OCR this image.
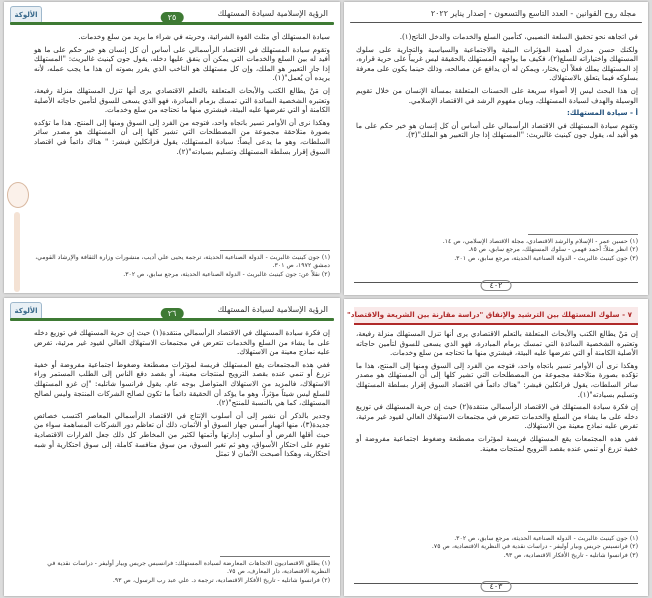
الألوكة	٢٥	الرؤية الإسلامية لسيادة المستهلك

سيادة المستهلك أي مثلث القوة الشرائية، وحريته في شراء ما يريد من سلع وخدمات.

وتقوم سيادة المستهلك في الاقتصاد الرأسمالي على أساس أن كل إنسان هو خير حكم على ما هو أفيد له بين السلع والخدمات التي يمكن أن ينفق عليها دخله، يقول جون كينيث غالبريث: "المستهلك إذا جاز التعبير هو الملك، وإن كل مستهلك هو الناخب الذي يقرر بصوته أن هذا ما يجب عمله، لأنه يريده أن يُعمل"(١).

إن مَنْ يطالع الكتب والأبحاث المتعلقة بالتعلم الاقتصادي يرى أنها تنزل المستهلك منزلة رفيعة، وتعتبره الشخصية السائدة التي تمسك بزمام المبادرة، فهو الذي يسعى للسوق لتأمين حاجاته الأصلية الكامنة أو التي تفرضها عليه البيئة، فيشتري منها ما تحتاجه من سلع وخدمات.

وهكذا نرى أن الأوامر تسير باتجاه واحد، فتوجه من الفرد إلى السوق ومنها إلى المنتج. هذا ما تؤكده بصورة متلاحقة مجموعة من المصطلحات التي تشير كلها إلى أن المستهلك هو مصدر سائر السلطات، وهو ما يدعى أيضاً: سيادة المستهلك، يقول فرانكلين فيشر: " هناك دائماً في اقتصاد السوق إقرار بسلطة المستهلك وتسليم بسيادته"(٢).

(١) جون كينيث غالبريث - الدولة الصناعية الحديثة، ترجمة يحيى علي أديب، منشورات وزارة الثقافة والإرشاد القومي، دمشق ١٩٧٢، ص ٣٠١.
(٢) نقلاً عن: جون كينيث غالبريث - الدولة الصناعية الحديثة، مرجع سابق، ص ٣٠٢.
مجلة روح القوانين - العدد التاسع والتسعون - إصدار يناير ٢٠٢٢

في اتجاهه نحو تحقيق السلعة النصيبي، كتأمين السلع والخدمات والدخل الناتج(١).

ولكنك حسن مدرك أهمية المؤثرات البيئية والاجتماعية والسياسية والتجارية على سلوك المستهلك واختياراته للسلع(٢)، فكيف ما يواجهه المستهلك بالحقيقة ليس غريباً على حرية قراره، إذ المستهلك يملك فعلاً أن يختار، ويمكن له أن يدافع عن مصالحه، وذلك حينما يكون على معرفة بسلوكه فيما يتعلق بالاستهلاك.

إن هذا البحث ليس إلا أضواء سريعة على الحسنات المتعلقة بمسألة الإنسان من خلال تقويم الوسيلة والهدف لسيادة المستهلك، وبيان مفهوم الرشد في الاقتصاد الإسلامي.

أ - سيادة المستهلك:

وتقوم سيادة المستهلك في الاقتصاد الرأسمالي على أساس أن كل إنسان هو خير حكم على ما هو أفيد له، يقول جون كينيث غالبريث: "المستهلك إذا جاز التعبير هو الملك"(٣).

(١) حسين عمر - الإسلام والرشد الاقتصادي، مجلة الاقتصاد الإسلامي، ص ١٤.
(٢) انظر مثلاً: أحمد فهمي - سلوك المستهلك، مرجع سابق، ص ٨٥.
(٣) جون كينيث غالبريث - الدولة الصناعية الحديثة، مرجع سابق، ص ٣٠١.
٤٠٢
الألوكة	٢٦	الرؤية الإسلامية لسيادة المستهلك

إن فكرة سيادة المستهلك في الاقتصاد الرأسمالي منتقدة(١) حيث إن حرية المستهلك في توزيع دخله على ما يشاء من السلع والخدمات تتعرض في مجتمعات الاستهلاك العالي لقيود غير مرئية، تفرض عليه نماذج معينة من الاستهلاك.

ففي هذه المجتمعات يقع المستهلك فريسة لمؤثرات مصطنعة وضغوط اجتماعية مفروضة أو خفية تزرع أو تنمي عنده بقصد الترويج لمنتجات معينة، أو بقصد دفع الناس إلى الطلب المستمر وراء الاستهلاك، فالمزيد من الاستهلاك المتواصل بوجه عام. يقول فرانسوا شاتليه: "إن غزو المستهلك للسلع ليس شيئاً مؤثراً، وهو ما يؤكد أن الحقيقة دائماً ما تكون لصالح الشركات المنتجة وليس لصالح المستهلك، كما هي بالنسبة للمنتج"(٢).

وجدير بالذكر أن نشير إلى أن أسلوب الإنتاج في الاقتصاد الرأسمالي المعاصر اكتسب خصائص جديدة(٣)، منها انهيار أسس جهاز السوق أو الأثمان، ذلك أن تعاظم دور الشركات المساهمة سواء من حيث أقلها الفرض أو أسلوب إدارتها وأتمتها لكثير من المخاطر كل ذلك جعل القرارات الاقتصادية تقوم على احتكار الأسواق، وهو ثم تغير السوق، من سوق منافسة كاملة، إلى سوق احتكارية أو شبه احتكارية، وهكذا أصبحت الأثمان لا تمثل

(١) يطلق الاقتصاديون الاتجاهات المعارضة لسيادة المستهلك: فرانسيس جريس وبيار أوليفر - دراسات نقدية في النظرية الاقتصادية، دار المعارف، ص ٧٥.
(٢) فرانسوا شاتليه - تاريخ الأفكار الاقتصادية، ترجمة د. علي عبد رب الرسول، ص ٩٣.
٧ - سلوك المستهلك بين الترشيد والإنفاق "دراسة مقارنة بين الشريعة والاقتصاد"

إن مَنْ يطالع الكتب والأبحاث المتعلقة بالتعلم الاقتصادي يرى أنها تنزل المستهلك منزلة رفيعة، وتعتبره الشخصية السائدة التي تمسك بزمام المبادرة، فهو الذي يسعى للسوق لتأمين حاجاته الأصلية الكامنة أو التي تفرضها عليه البيئة، فيشتري منها ما تحتاجه من سلع وخدمات.

وهكذا نرى أن الأوامر تسير باتجاه واحد، فتوجه من الفرد إلى السوق ومنها إلى المنتج، هذا ما تؤكده بصورة متلاحقة مجموعة من المصطلحات التي تشير كلها إلى أن المستهلك هو مصدر سائر السلطات، يقول فرانكلين فيشر: "هناك دائماً في اقتصاد السوق إقرار بسلطة المستهلك وتسليم بسيادته"(١).

إن فكرة سيادة المستهلك في الاقتصاد الرأسمالي منتقدة(٢) حيث إن حرية المستهلك في توزيع دخله على ما يشاء من السلع والخدمات تتعرض في مجتمعات الاستهلاك العالي لقيود غير مرئية، تفرض عليه نماذج معينة من الاستهلاك.

ففي هذه المجتمعات يقع المستهلك فريسة لمؤثرات مصطنعة وضغوط اجتماعية مفروضة أو خفية تزرع أو تنمي عنده بقصد الترويج لمنتجات معينة.

(١) جون كينيث غالبريث - الدولة الصناعية الحديثة، مرجع سابق، ص ٣٠٢.
(٢) فرانسيس جريس وبيار أوليفر - دراسات نقدية في النظرية الاقتصادية، ص ٧٥.
(٣) فرانسوا شاتليه - تاريخ الأفكار الاقتصادية، ص ٩٣.
٤٠٣
